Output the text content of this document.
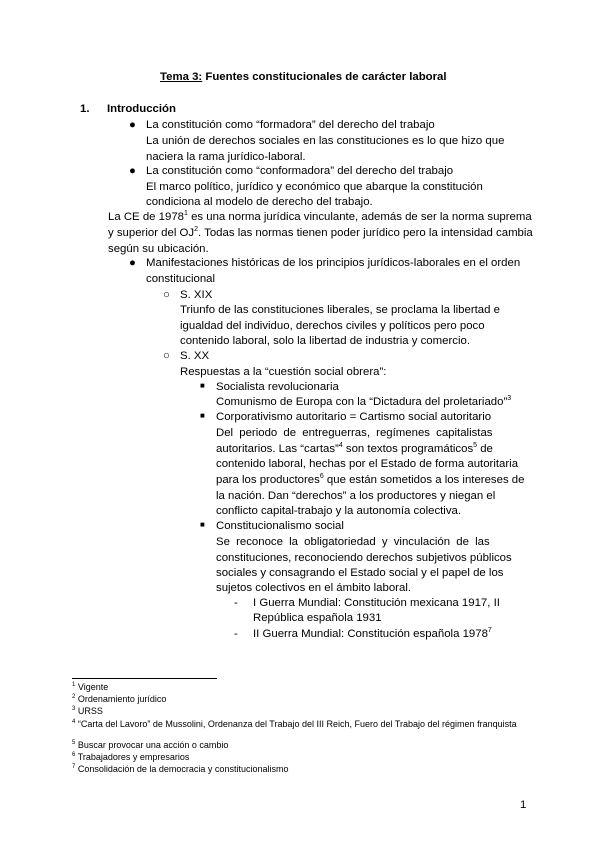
Tema 3: Fuentes constitucionales de carácter laboral
1. Introducción
● La constitución como “formadora” del derecho del trabajo
La unión de derechos sociales en las constituciones es lo que hizo que
naciera la rama jurídico-laboral.
● La constitución como “conformadora” del derecho del trabajo
El marco político, jurídico y económico que abarque la constitución
condiciona al modelo de derecho del trabajo.
La CE de 1978$^1$ es una norma jurídica vinculante, además de ser la norma suprema
y superior del $OJ^2$. Todas las normas tienen poder jurídico pero la intensidad cambia
según su ubicación.
● Manifestaciones históricas de los principios jurídicos-laborales en el orden
constitucional
○ S. XIX
Triunfo de las constituciones liberales, se proclama la libertad e
igualdad del individuo, derechos civiles y políticos pero poco
contenido laboral, solo la libertad de industria y comercio.
○ S. XX
Respuestas a la “cuestión social obrera”:
■ Socialista revolucionaria
Comunismo de Europa con la “Dictadura del proletariado”$^3$
■ Corporativismo autoritario = Cartismo social autoritario
Del periodo de entreguerras, regímenes capitalistas
autoritarios. Las “cartas”$^4$ son textos programáticos$^5$ de
contenido laboral, hechas por el Estado de forma autoritaria
para los productores$^6$ que están sometidos a los intereses de
la nación. Dan “derechos” a los productores y niegan el
conflicto capital-trabajo y la autonomía colectiva.
■ Constitucionalismo social
Se reconoce la obligatoriedad y vinculación de las
constituciones, reconociendo derechos subjetivos públicos
sociales y consagrando el Estado social y el papel de los
sujetos colectivos en el ámbito laboral.
- I Guerra Mundial: Constitución mexicana 1917, II
República española 1931
- II Guerra Mundial: Constitución española 1978$^7$
$^1$ Vigente
$^2$ Ordenamiento jurídico
$^3$ URSS
$^4$ “Carta del Lavoro” de Mussolini, Ordenanza del Trabajo del III Reich, Fuero del Trabajo del régimen franquista
$^5$ Buscar provocar una acción o cambio
$^6$ Trabajadores y empresarios
$^7$ Consolidación de la democracia y constitucionalismo
1
